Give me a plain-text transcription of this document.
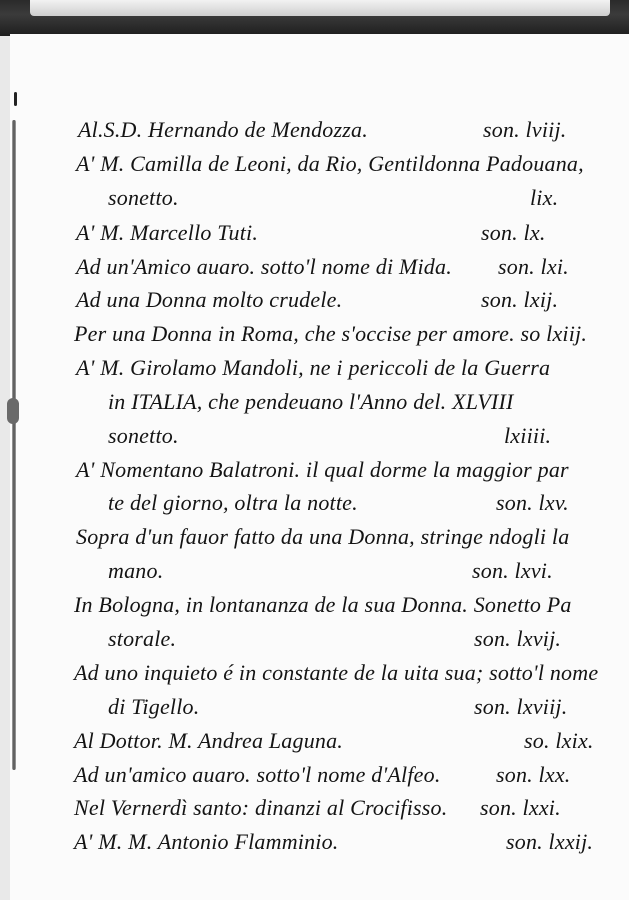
Al.S.D. Hernando de Mendozza.	son. lviij.
A' M. Camilla de Leoni, da Rio, Gentildonna Padouana,
sonetto.	lix.
A' M. Marcello Tuti.	son. lx.
Ad un'Amico auaro. sotto'l nome di Mida. son. lxi.
Ad una Donna molto crudele.	son. lxij.
Per una Donna in Roma, che s'occise per amore. so lxiij.
A' M. Girolamo Mandoli, ne i periccoli de la Guerra
in ITALIA, che pendeuano l'Anno del. XLVIII
sonetto.	lxiiii.
A' Nomentano Balatroni. il qual dorme la maggior par
te del giorno, oltra la notte.	son. lxv.
Sopra d'un fauor fatto da una Donna, stringe ndogli la
mano.	son. lxvi.
In Bologna, in lontananza de la sua Donna. Sonetto Pa
storale.	son. lxvij.
Ad uno inquieto é in constante de la uita sua; sotto'l nome
di Tigello.	son. lxviij.
Al Dottor. M. Andrea Laguna.	so. lxix.
Ad un'amico auaro. sotto'l nome d'Alfeo.	son. lxx.
Nel Vernerdì santo: dinanzi al Crocifisso. son. lxxi.
A' M. M. Antonio Flamminio.	son. lxxij.
